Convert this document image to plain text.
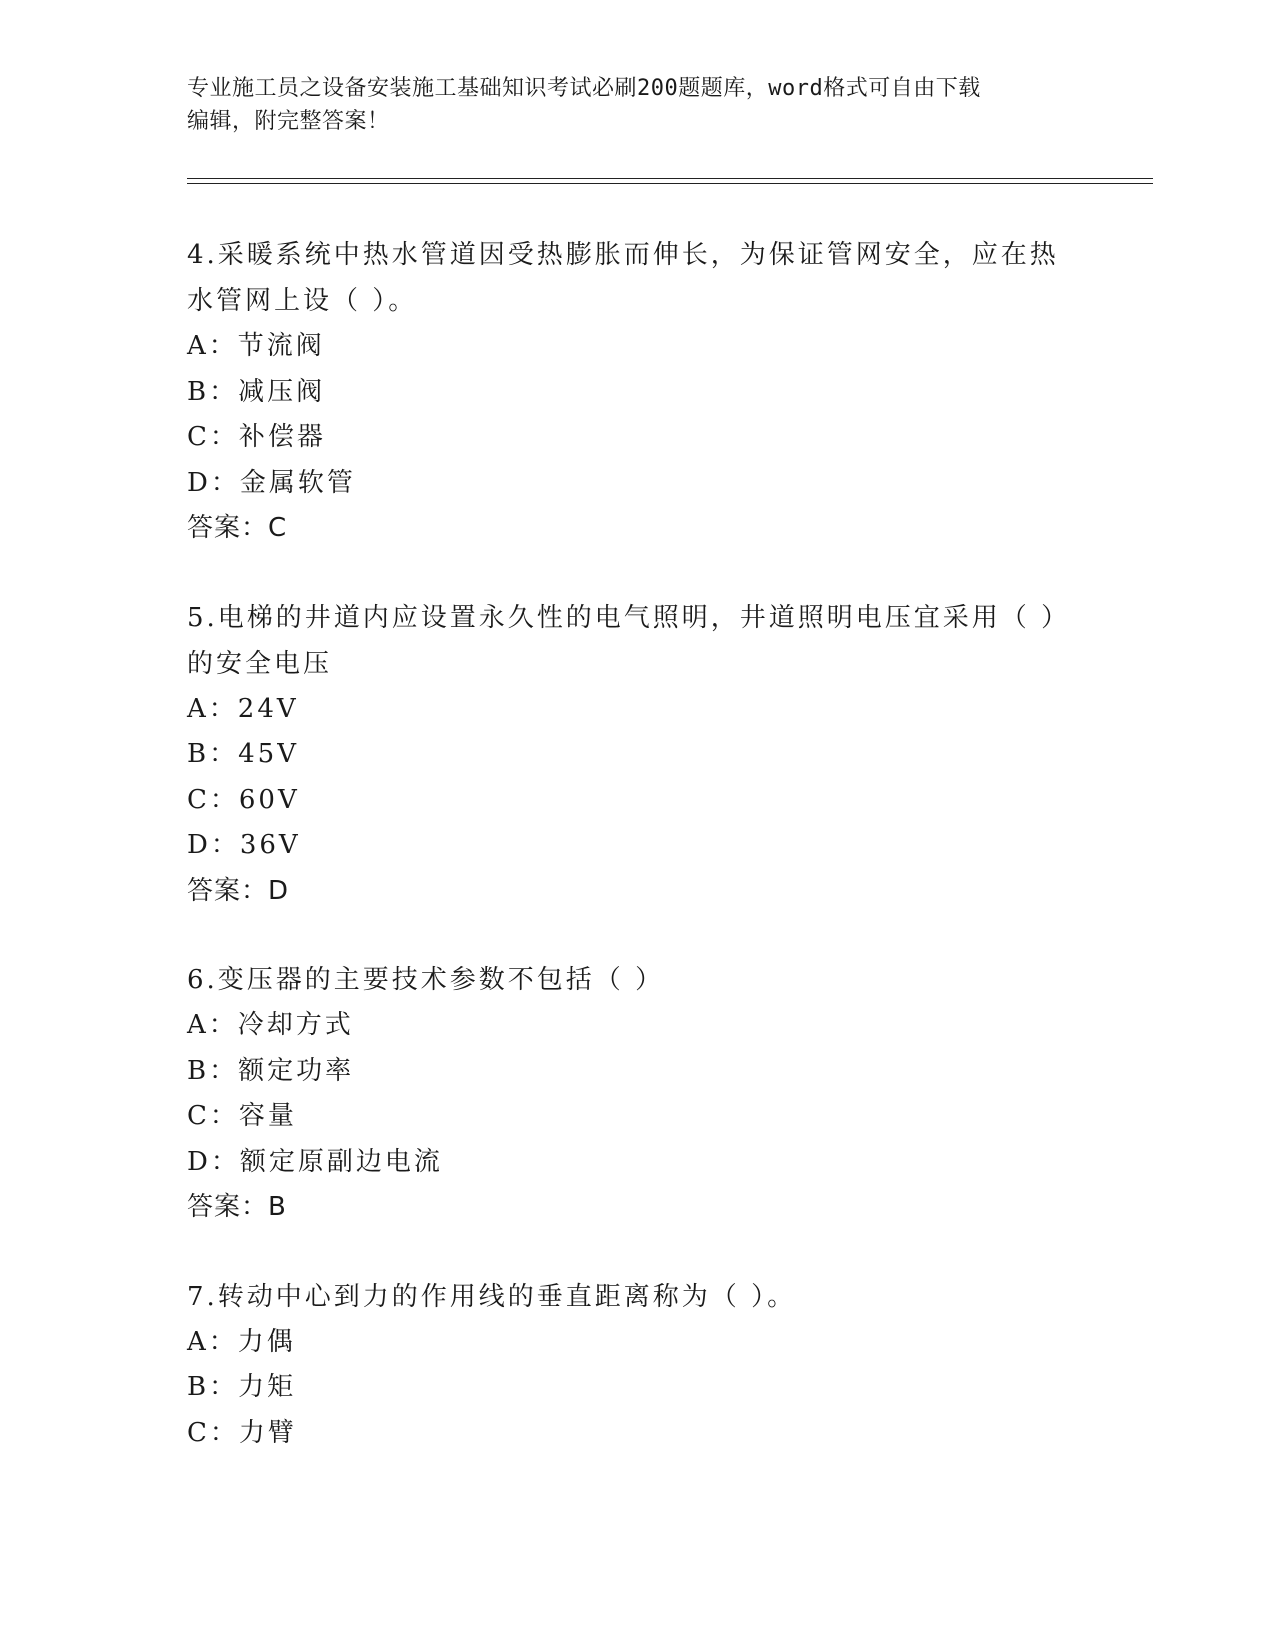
专业施工员之设备安装施工基础知识考试必刷200题题库，word格式可自由下载

编辑，附完整答案！

4.采暖系统中热水管道因受热膨胀而伸长，为保证管网安全，应在热

水管网上设（ ）。

A：节流阀

B：减压阀

C：补偿器

D：金属软管

答案：C

5.电梯的井道内应设置永久性的电气照明，井道照明电压宜采用（ ）

的安全电压

A：24V

B：45V

C：60V

D：36V

答案：D

6.变压器的主要技术参数不包括（ ）

A：冷却方式

B：额定功率

C：容量

D：额定原副边电流

答案：B

7.转动中心到力的作用线的垂直距离称为（ ）。

A：力偶

B：力矩

C：力臂
